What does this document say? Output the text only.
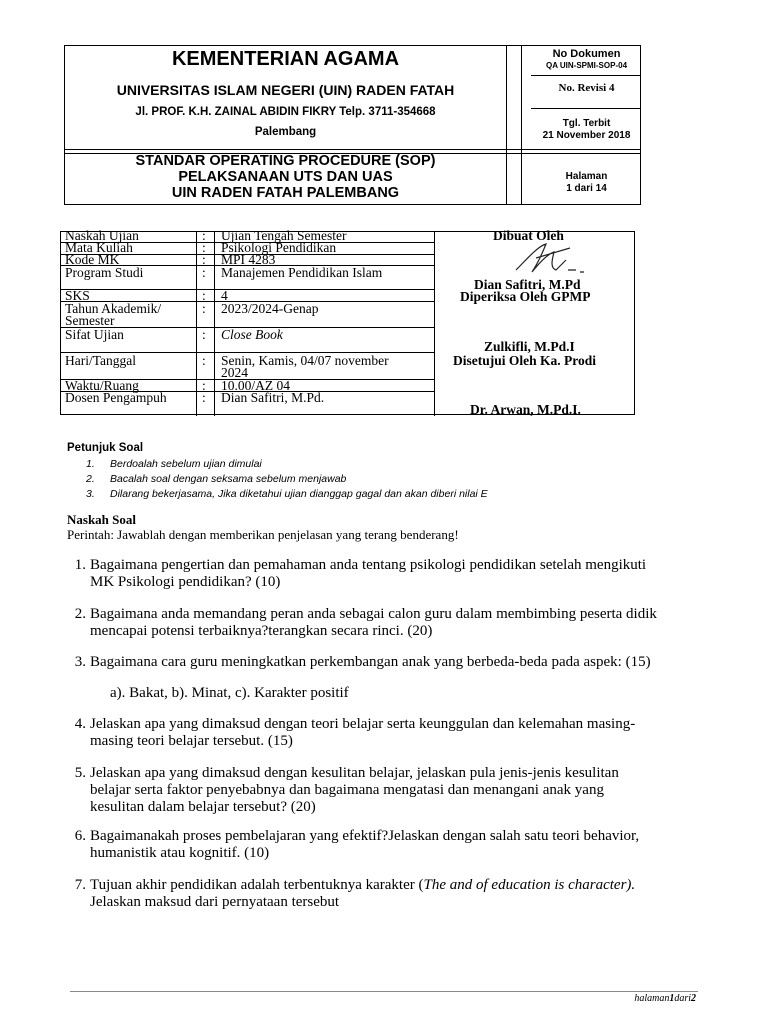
KEMENTERIAN AGAMA
UNIVERSITAS ISLAM NEGERI (UIN) RADEN FATAH
Jl. PROF. K.H. ZAINAL ABIDIN FIKRY Telp. 3711-354668
Palembang
No Dokumen
QA UIN-SPMI-SOP-04
No. Revisi 4
Tgl. Terbit
21 November 2018
STANDAR OPERATING PROCEDURE (SOP)
PELAKSANAAN UTS DAN UAS
UIN RADEN FATAH PALEMBANG
Halaman
1 dari 14
Naskah Ujian	: Ujian Tengah Semester
Mata Kuliah	: Psikologi Pendidikan
Kode MK	: MPI 4283
Program Studi	: Manajemen Pendidikan Islam
SKS	: 4
Tahun Akademik/
Semester
: 2023/2024-Genap
Sifat Ujian	: Close Book
Hari/Tanggal	: Senin, Kamis, 04/07 november
2024
Waktu/Ruang	: 10.00/AZ 04
Dosen Pengampuh	: Dian Safitri, M.Pd.
Dibuat Oleh
Dian Safitri, M.Pd
Diperiksa Oleh GPMP
Zulkifli, M.Pd.I
Disetujui Oleh Ka. Prodi
Dr. Arwan, M.Pd.I.
Petunjuk Soal
1. Berdoalah sebelum ujian dimulai
2. Bacalah soal dengan seksama sebelum menjawab
3. Dilarang bekerjasama, Jika diketahui ujian dianggap gagal dan akan diberi nilai E
Naskah Soal
Perintah: Jawablah dengan memberikan penjelasan yang terang benderang!
1. Bagaimana pengertian dan pemahaman anda tentang psikologi pendidikan setelah mengikuti
MK Psikologi pendidikan? (10)
2. Bagaimana anda memandang peran anda sebagai calon guru dalam membimbing peserta didik
mencapai potensi terbaiknya?terangkan secara rinci. (20)
3. Bagaimana cara guru meningkatkan perkembangan anak yang berbeda-beda pada aspek: (15)
a). Bakat, b). Minat, c). Karakter positif
4. Jelaskan apa yang dimaksud dengan teori belajar serta keunggulan dan kelemahan masing-
masing teori belajar tersebut. (15)
5. Jelaskan apa yang dimaksud dengan kesulitan belajar, jelaskan pula jenis-jenis kesulitan
belajar serta faktor penyebabnya dan bagaimana mengatasi dan menangani anak yang
kesulitan dalam belajar tersebut? (20)
6. Bagaimanakah proses pembelajaran yang efektif?Jelaskan dengan salah satu teori behavior,
humanistik atau kognitif. (10)
7. Tujuan akhir pendidikan adalah terbentuknya karakter (The and of education is character).
Jelaskan maksud dari pernyataan tersebut
halaman1dari2
